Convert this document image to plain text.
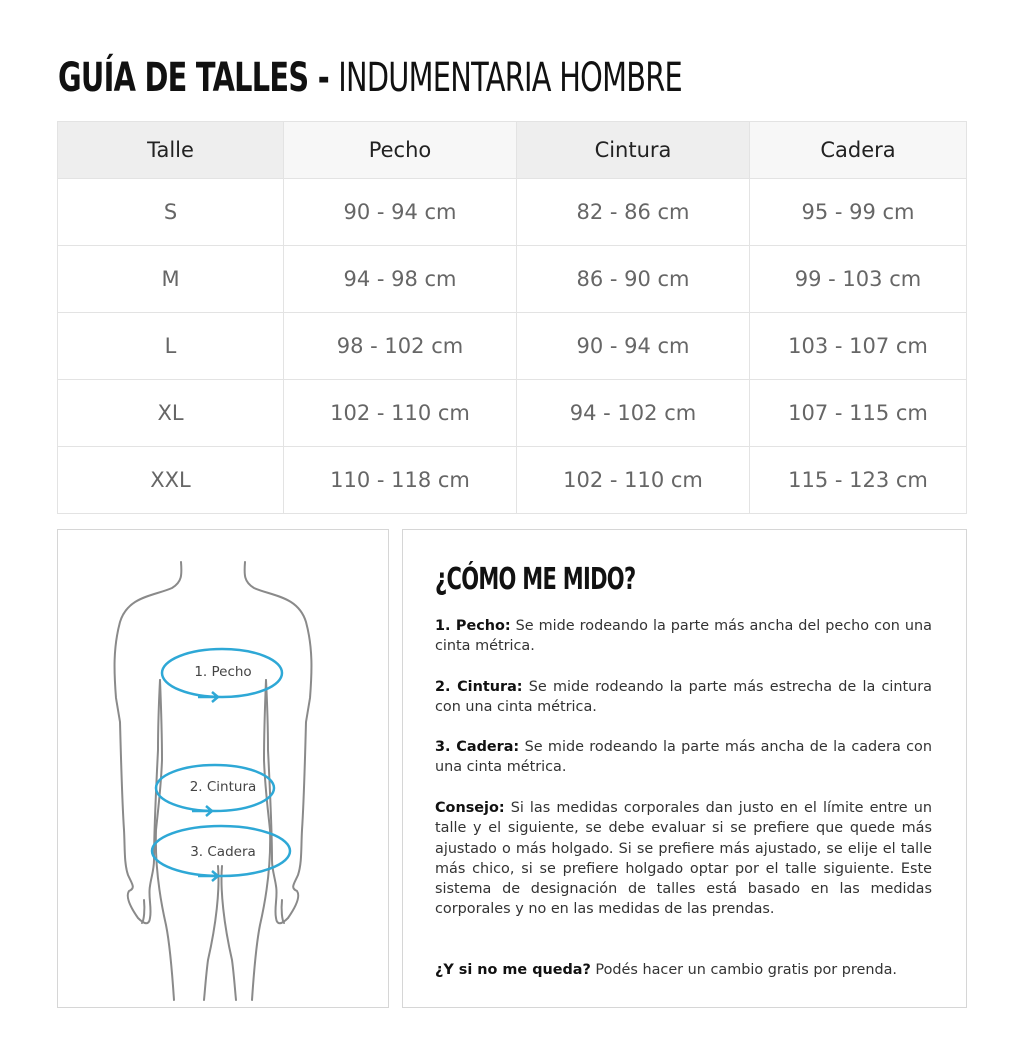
GUÍA DE TALLES - INDUMENTARIA HOMBRE
Talle	Pecho	Cintura	Cadera
S	90 - 94 cm	82 - 86 cm	95 - 99 cm
M	94 - 98 cm	86 - 90 cm	99 - 103 cm
L	98 - 102 cm	90 - 94 cm	103 - 107 cm
XL	102 - 110 cm	94 - 102 cm	107 - 115 cm
XXL	110 - 118 cm	102 - 110 cm	115 - 123 cm
1. Pecho
2. Cintura
3. Cadera
¿CÓMO ME MIDO?

1. Pecho: Se mide rodeando la parte más ancha del pecho con una cinta métrica.

2. Cintura: Se mide rodeando la parte más estrecha de la cintura con una cinta métrica.

3. Cadera: Se mide rodeando la parte más ancha de la cadera con una cinta métrica.

Consejo: Si las medidas corporales dan justo en el límite entre un talle y el siguiente, se debe evaluar si se prefiere que quede más ajustado o más holgado. Si se prefiere más ajustado, se elije el talle más chico, si se prefiere holgado optar por el talle siguiente. Este sistema de designación de talles está basado en las medidas corporales y no en las medidas de las prendas.

¿Y si no me queda? Podés hacer un cambio gratis por prenda.
